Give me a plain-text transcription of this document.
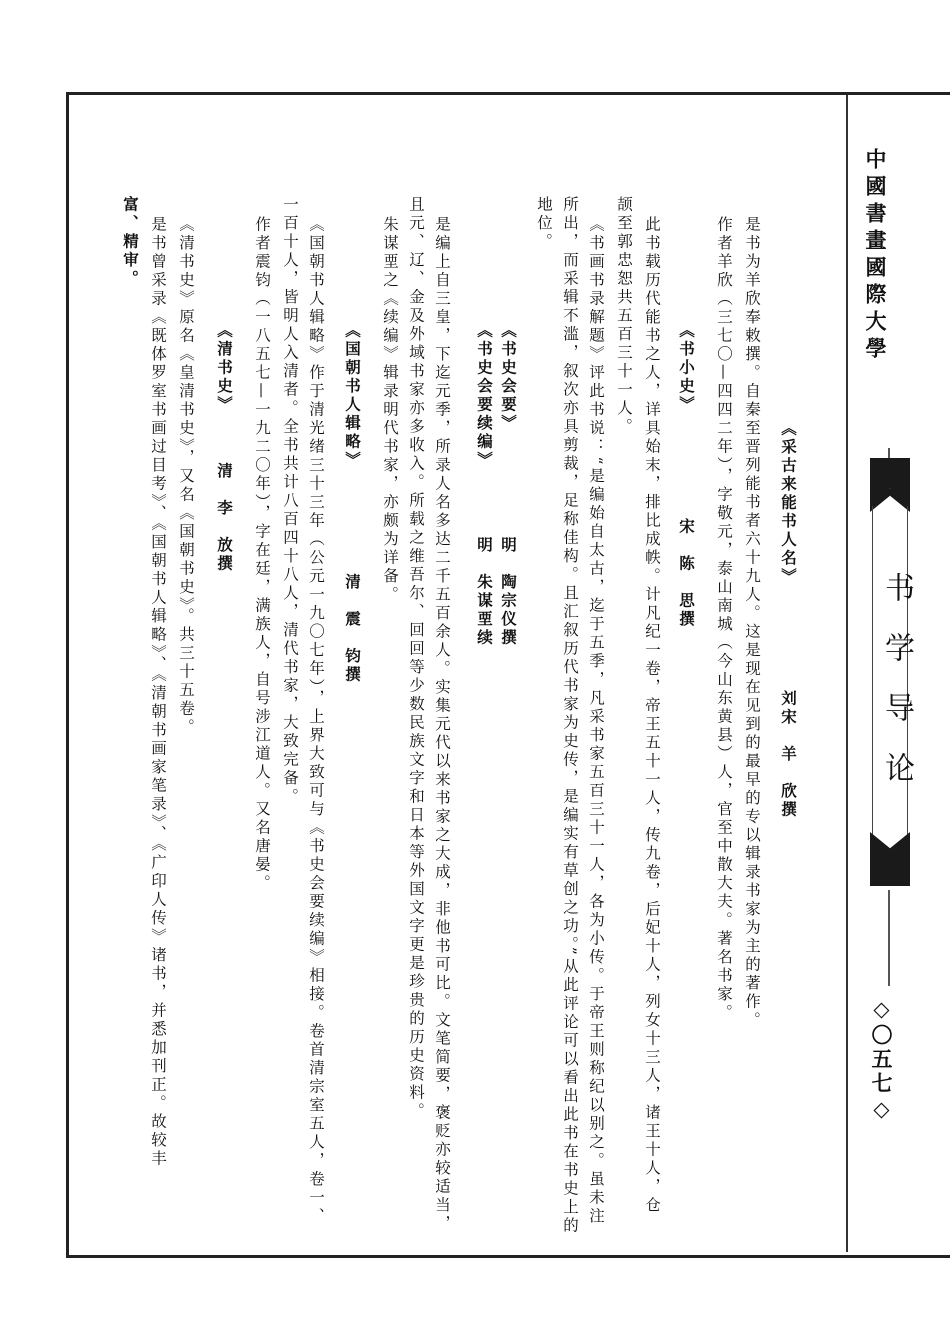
中國書畫國際大學
书学导论
◇〇五七◇
《采古来能书人名》　　　　　　刘宋　羊　欣撰
是书为羊欣奉敕撰。自秦至晋列能书者六十九人。这是现在见到的最早的专以辑录书家为主的著作。
作者羊欣（三七〇—四四二年），字敬元，泰山南城（今山东黄县）人，官至中散大夫。著名书家。
《书小史》　　　　　　宋　陈　思撰
此书载历代能书之人，详具始末，排比成帙。计凡纪一卷，帝王五十一人，传九卷，后妃十人，列女十三人，诸王十人，仓
颉至郭忠恕共五百三十一人。
《书画书录解题》评此书说：“是编始自太古，迄于五季，凡采书家五百三十一人，各为小传。于帝王则称纪以别之。虽未注
所出，而采辑不滥，叙次亦具剪裁，足称佳构。且汇叙历代书家为史传，是编实有草创之功。”从此评论可以看出此书在书史上的
地位。
《书史会要》　　　　　　明　陶宗仪撰
《书史会要续编》　　　　明　朱谋垔续
是编上自三皇，下迄元季，所录人名多达二千五百余人。实集元代以来书家之大成，非他书可比。文笔简要，褒贬亦较适当，
且元、辽、金及外域书家亦多收入。所载之维吾尔、回回等少数民族文字和日本等外国文字更是珍贵的历史资料。
朱谋垔之《续编》辑录明代书家，亦颇为详备。
《国朝书人辑略》　　　　　　清　震　钧撰
《国朝书人辑略》作于清光绪三十三年（公元一九〇七年），上界大致可与《书史会要续编》相接。卷首清宗室五人，卷一、
一百十人，皆明人入清者。全书共计八百四十八人，清代书家，大致完备。
作者震钧（一八五七—一九二〇年），字在廷，满族人，自号涉江道人。又名唐晏。
《清书史》　　　清　李　放撰
《清书史》原名《皇清书史》，又名《国朝书史》。共三十五卷。
是书曾采录《既体罗室书画过目考》、《国朝书人辑略》、《清朝书画家笔录》、《广印人传》诸书，并悉加刊正。故较丰
富、精审。
